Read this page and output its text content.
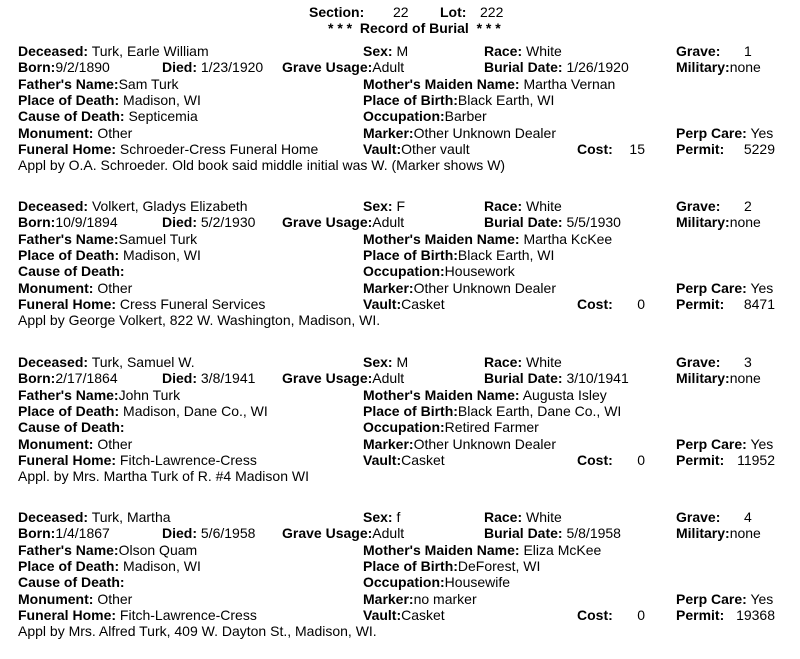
Section: 22 Lot: 222
* * *  Record of Burial  * * *
Deceased: Turk, Earle William	Sex: M	Race: White	Grave: 1
Born:9/2/1890	Died: 1/23/1920 Grave Usage:Adult	Burial Date: 1/26/1920	Military:none
Father's Name:Sam Turk	Mother's Maiden Name: Martha Vernan
Place of Death: Madison, WI	Place of Birth:Black Earth, WI
Cause of Death: Septicemia	Occupation:Barber
Monument: Other	Marker:Other Unknown Dealer	Perp Care: Yes
Funeral Home: Schroeder-Cress Funeral Home	Vault:Other vault	Cost:	15 Permit:	5229
Appl by O.A. Schroeder. Old book said middle initial was W. (Marker shows W)
Deceased: Volkert, Gladys Elizabeth	Sex: F	Race: White	Grave: 2
Born:10/9/1894	Died: 5/2/1930 Grave Usage:Adult	Burial Date: 5/5/1930	Military:none
Father's Name:Samuel Turk	Mother's Maiden Name: Martha KcKee
Place of Death: Madison, WI	Place of Birth:Black Earth, WI
Cause of Death:	Occupation:Housework
Monument: Other	Marker:Other Unknown Dealer	Perp Care: Yes
Funeral Home: Cress Funeral Services	Vault:Casket	Cost:	0 Permit:	8471
Appl by George Volkert, 822 W. Washington, Madison, WI.
Deceased: Turk, Samuel W.	Sex: M	Race: White	Grave: 3
Born:2/17/1864	Died: 3/8/1941 Grave Usage:Adult	Burial Date: 3/10/1941	Military:none
Father's Name:John Turk	Mother's Maiden Name: Augusta Isley
Place of Death: Madison, Dane Co., WI	Place of Birth:Black Earth, Dane Co., WI
Cause of Death:	Occupation:Retired Farmer
Monument: Other	Marker:Other Unknown Dealer	Perp Care: Yes
Funeral Home: Fitch-Lawrence-Cress	Vault:Casket	Cost:	0 Permit: 11952
Appl. by Mrs. Martha Turk of R. #4 Madison WI
Deceased: Turk, Martha	Sex: f	Race: White	Grave: 4
Born:1/4/1867	Died: 5/6/1958 Grave Usage:Adult	Burial Date: 5/8/1958	Military:none
Father's Name:Olson Quam	Mother's Maiden Name: Eliza McKee
Place of Death: Madison, WI	Place of Birth:DeForest, WI
Cause of Death:	Occupation:Housewife
Monument: Other	Marker:no marker	Perp Care: Yes
Funeral Home: Fitch-Lawrence-Cress	Vault:Casket	Cost:	0 Permit: 19368
Appl by Mrs. Alfred Turk, 409 W. Dayton St., Madison, WI.
